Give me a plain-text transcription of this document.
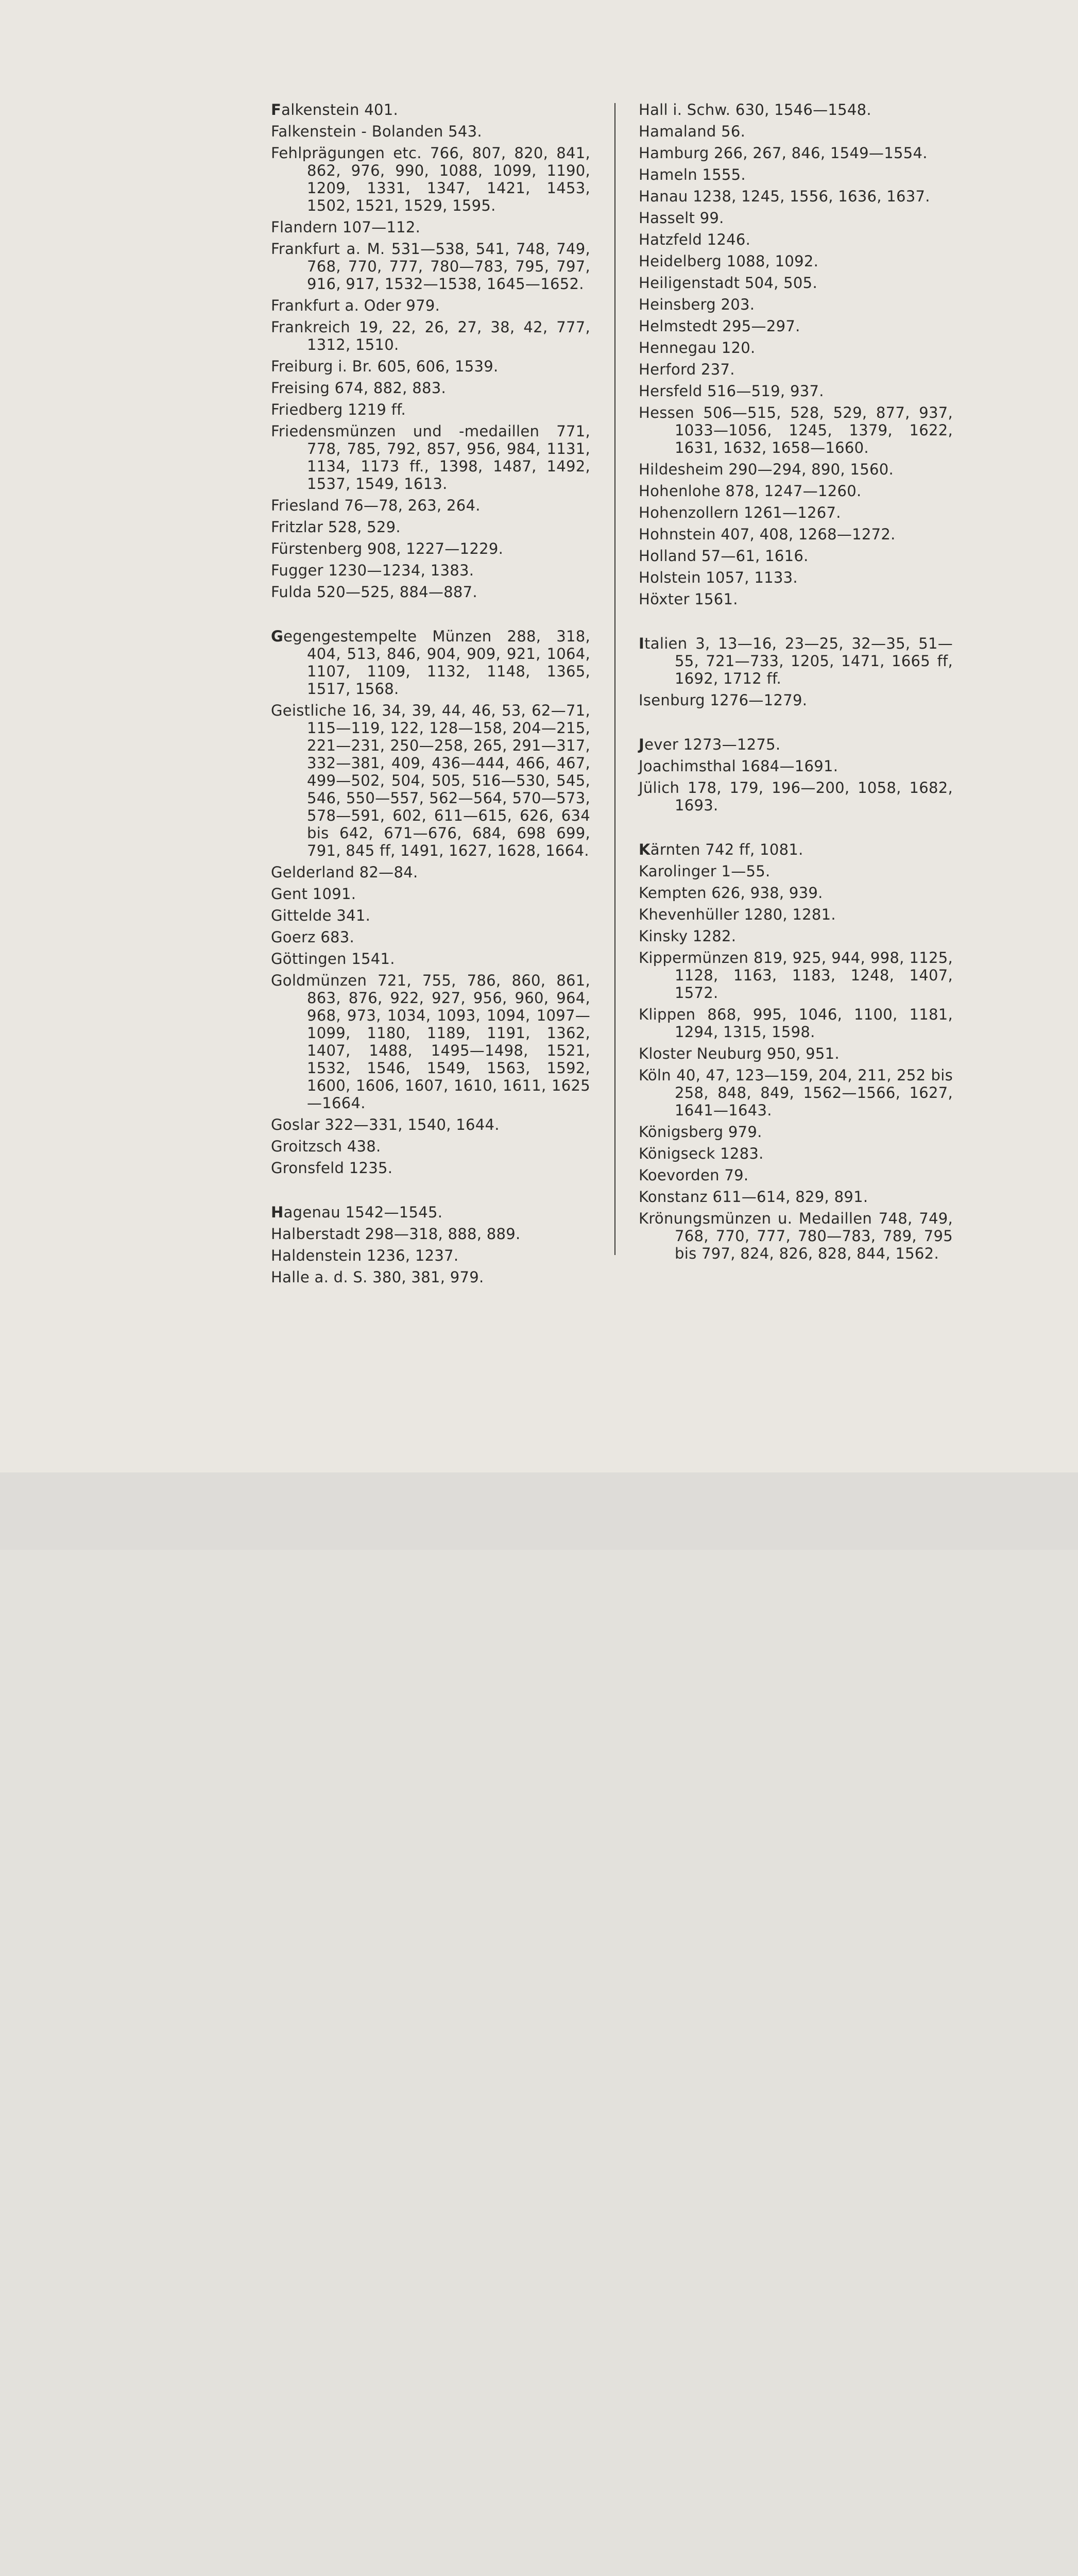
Falkenstein 401.
Falkenstein - Bolanden 543.
Fehlprägungen etc. 766, 807, 820, 841, 862, 976, 990, 1088, 1099, 1190, 1209, 1331, 1347, 1421, 1453, 1502, 1521, 1529, 1595.
Flandern 107—112.
Frankfurt a. M. 531—538, 541, 748, 749, 768, 770, 777, 780—783, 795, 797, 916, 917, 1532—1538, 1645—1652.
Frankfurt a. Oder 979.
Frankreich 19, 22, 26, 27, 38, 42, 777, 1312, 1510.
Freiburg i. Br. 605, 606, 1539.
Freising 674, 882, 883.
Friedberg 1219 ff.
Friedensmünzen und -medaillen 771, 778, 785, 792, 857, 956, 984, 1131, 1134, 1173 ff., 1398, 1487, 1492, 1537, 1549, 1613.
Friesland 76—78, 263, 264.
Fritzlar 528, 529.
Fürstenberg 908, 1227—1229.
Fugger 1230—1234, 1383.
Fulda 520—525, 884—887.
Gegengestempelte Münzen 288, 318, 404, 513, 846, 904, 909, 921, 1064, 1107, 1109, 1132, 1148, 1365, 1517, 1568.
Geistliche 16, 34, 39, 44, 46, 53, 62—71, 115—119, 122, 128—158, 204—215, 221—231, 250—258, 265, 291—317, 332—381, 409, 436—444, 466, 467, 499—502, 504, 505, 516—530, 545, 546, 550—557, 562—564, 570—573, 578—591, 602, 611—615, 626, 634 bis 642, 671—676, 684, 698 699, 791, 845 ff, 1491, 1627, 1628, 1664.
Gelderland 82—84.
Gent 1091.
Gittelde 341.
Goerz 683.
Göttingen 1541.
Goldmünzen 721, 755, 786, 860, 861, 863, 876, 922, 927, 956, 960, 964, 968, 973, 1034, 1093, 1094, 1097—1099, 1180, 1189, 1191, 1362, 1407, 1488, 1495—1498, 1521, 1532, 1546, 1549, 1563, 1592, 1600, 1606, 1607, 1610, 1611, 1625—1664.
Goslar 322—331, 1540, 1644.
Groitzsch 438.
Gronsfeld 1235.
Hagenau 1542—1545.
Halberstadt 298—318, 888, 889.
Haldenstein 1236, 1237.
Halle a. d. S. 380, 381, 979.
Hall i. Schw. 630, 1546—1548.
Hamaland 56.
Hamburg 266, 267, 846, 1549—1554.
Hameln 1555.
Hanau 1238, 1245, 1556, 1636, 1637.
Hasselt 99.
Hatzfeld 1246.
Heidelberg 1088, 1092.
Heiligenstadt 504, 505.
Heinsberg 203.
Helmstedt 295—297.
Hennegau 120.
Herford 237.
Hersfeld 516—519, 937.
Hessen 506—515, 528, 529, 877, 937, 1033—1056, 1245, 1379, 1622, 1631, 1632, 1658—1660.
Hildesheim 290—294, 890, 1560.
Hohenlohe 878, 1247—1260.
Hohenzollern 1261—1267.
Hohnstein 407, 408, 1268—1272.
Holland 57—61, 1616.
Holstein 1057, 1133.
Höxter 1561.
Italien 3, 13—16, 23—25, 32—35, 51—55, 721—733, 1205, 1471, 1665 ff, 1692, 1712 ff.
Isenburg 1276—1279.
Jever 1273—1275.
Joachimsthal 1684—1691.
Jülich 178, 179, 196—200, 1058, 1682, 1693.
Kärnten 742 ff, 1081.
Karolinger 1—55.
Kempten 626, 938, 939.
Khevenhüller 1280, 1281.
Kinsky 1282.
Kippermünzen 819, 925, 944, 998, 1125, 1128, 1163, 1183, 1248, 1407, 1572.
Klippen 868, 995, 1046, 1100, 1181, 1294, 1315, 1598.
Kloster Neuburg 950, 951.
Köln 40, 47, 123—159, 204, 211, 252 bis 258, 848, 849, 1562—1566, 1627, 1641—1643.
Königsberg 979.
Königseck 1283.
Koevorden 79.
Konstanz 611—614, 829, 891.
Krönungsmünzen u. Medaillen 748, 749, 768, 770, 777, 780—783, 789, 795 bis 797, 824, 826, 828, 844, 1562.
